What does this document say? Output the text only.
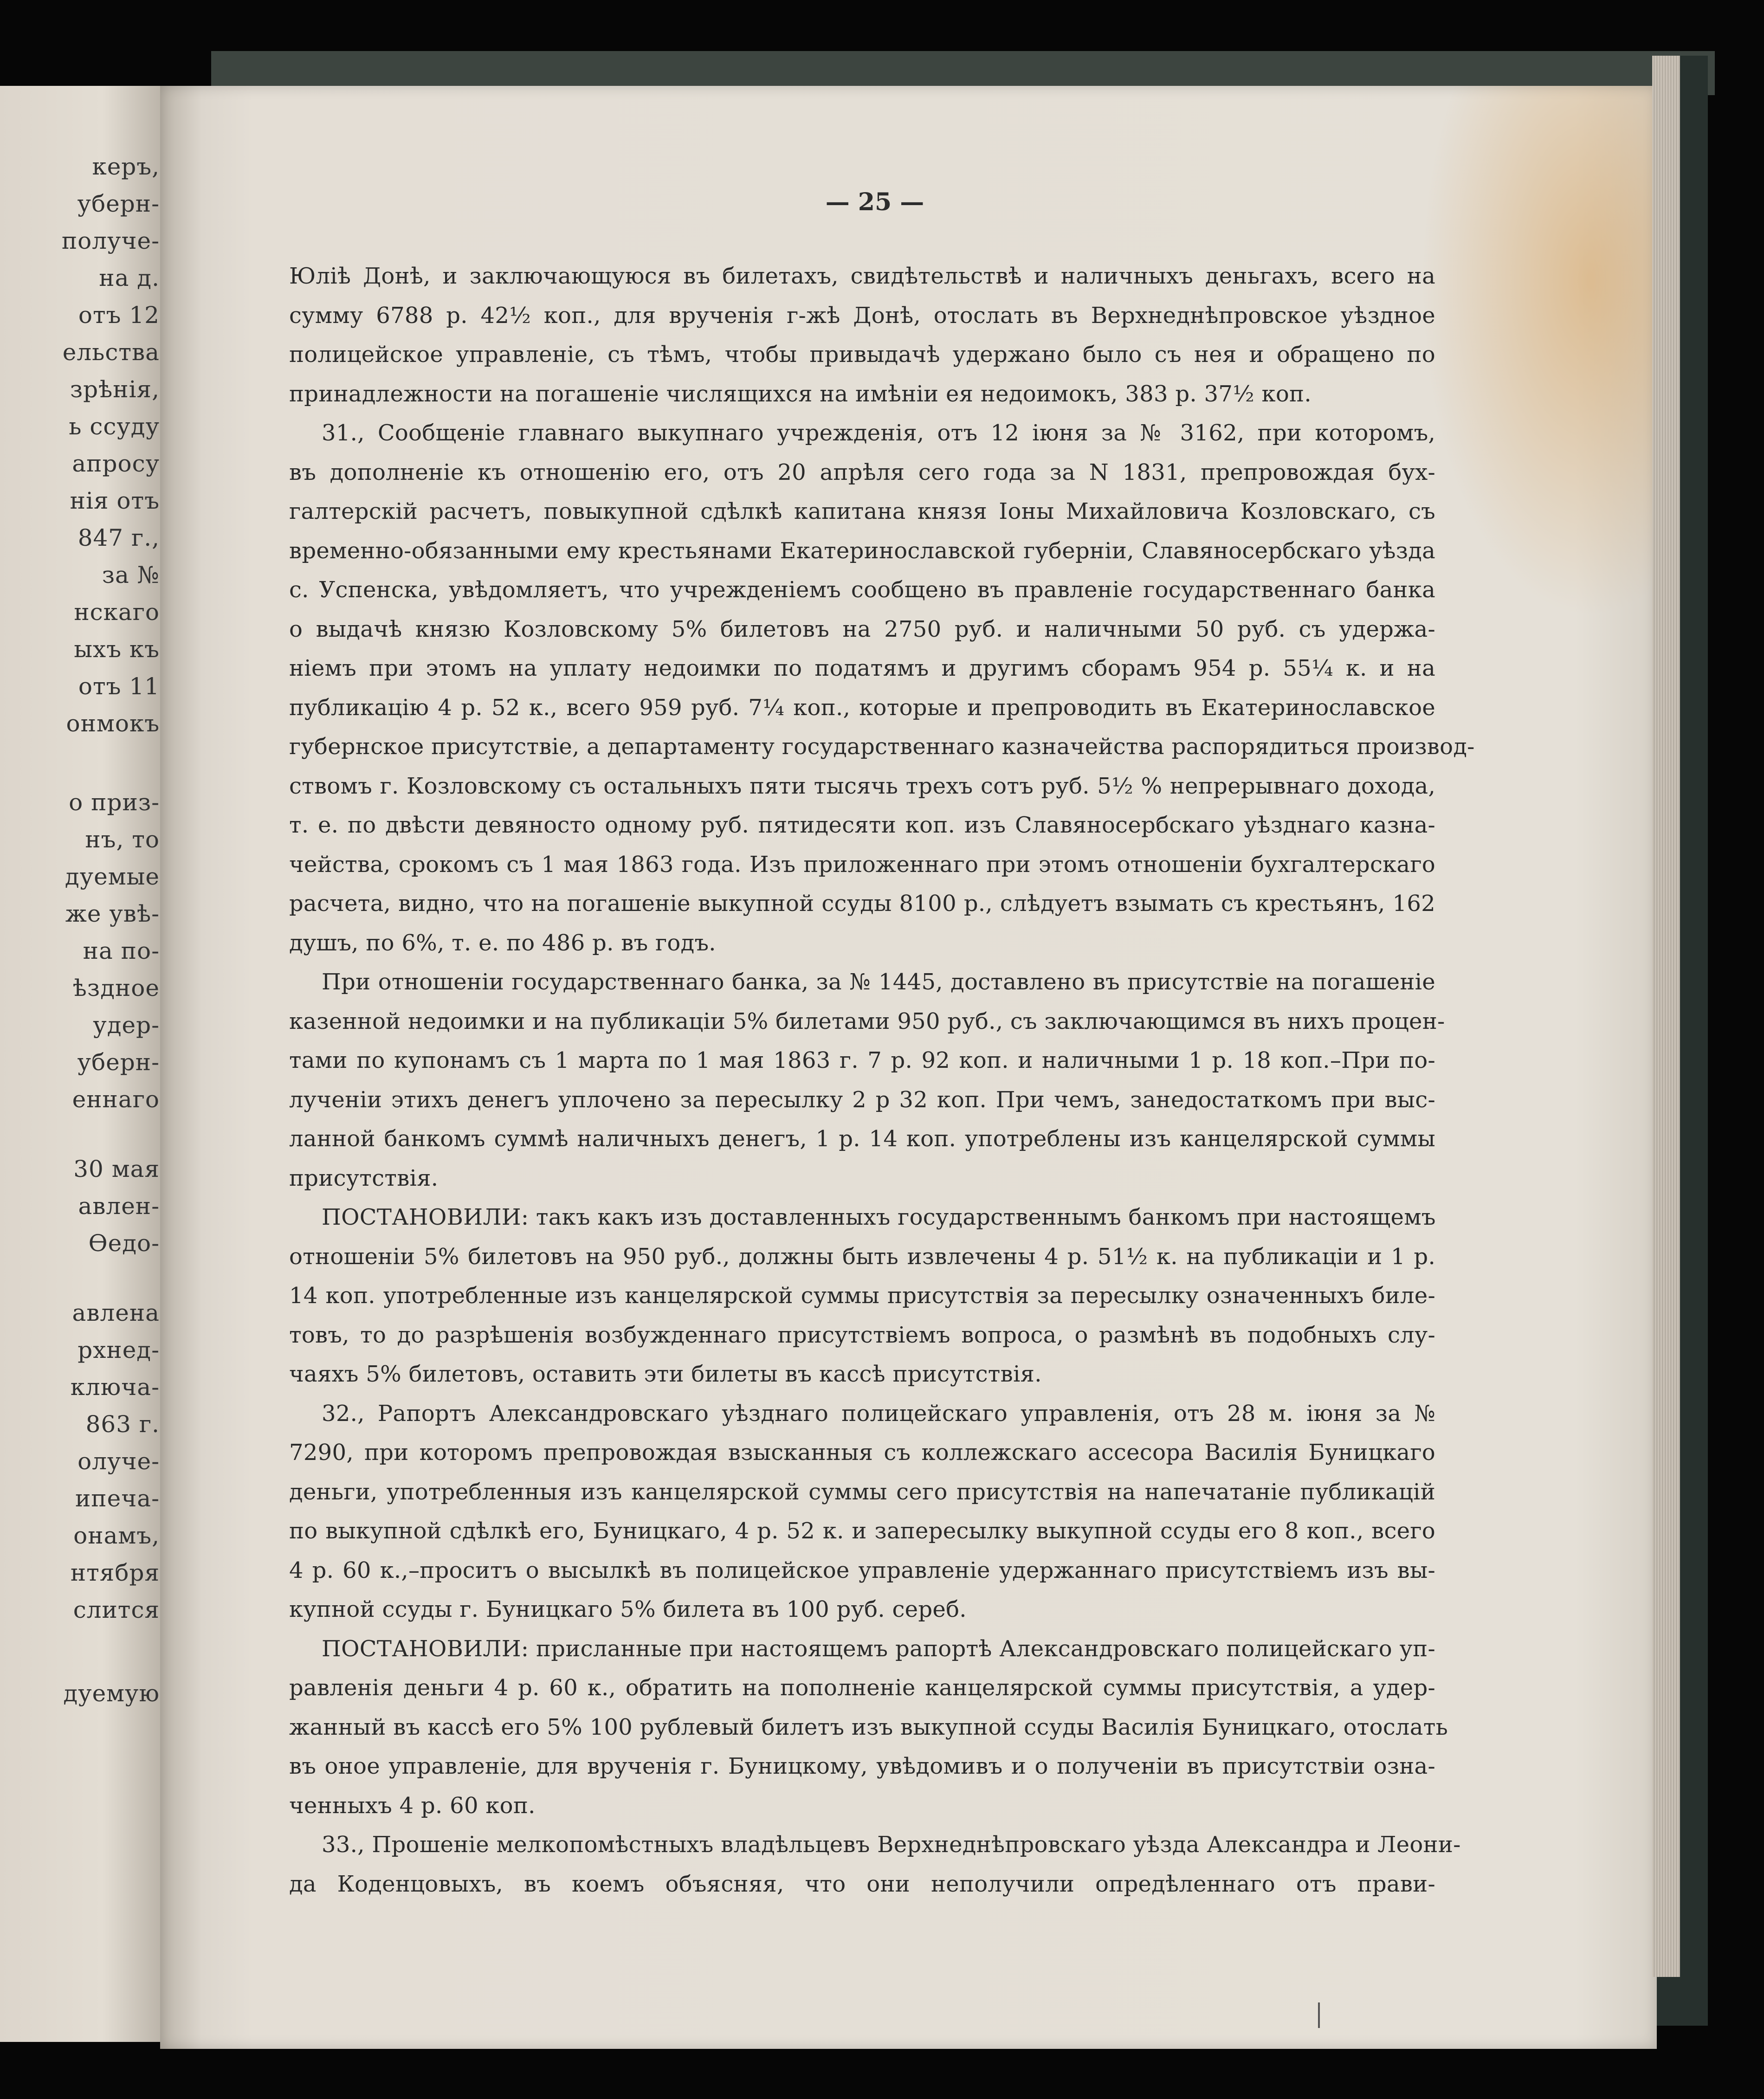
керъ,
уберн-
получе-
на д.
отъ 12
ельства
зрѣнія,
ь ссуду
апросу
нія отъ
847 г.,
за №
нскаго
ыхъ къ
отъ 11
онмокъ
о приз-
нъ, то
дуемые
же увѣ-
на по-
ѣздное
удер-
уберн-
еннаго
30 мая
авлен-
Өедо-
авлена
рхнед-
ключа-
863 г.
олуче-
ипеча-
онамъ,
нтября
слится
дуемую
— 25 —
Юлiѣ Донѣ, и заключающуюся въ билетахъ, свидѣтельствѣ и наличныхъ деньгахъ, всего на
сумму 6788 р. 42½ коп., для врученія г-жѣ Донѣ, отослать въ Верхнеднѣпровское уѣздное
полицейское управленіе, съ тѣмъ, чтобы привыдачѣ удержано было съ нея и обращено по
принадлежности на погашеніе числящихся на имѣніи ея недоимокъ, 383 р. 37½ коп.
31., Сообщеніе главнаго выкупнаго учрежденія, отъ 12 іюня за № 3162, при которомъ,
въ дополненіе къ отношенію его, отъ 20 апрѣля сего года за N 1831, препровождая бух-
галтерскій расчетъ, повыкупной сдѣлкѣ капитана князя Іоны Михайловича Козловскаго, съ
временно-обязанными ему крестьянами Екатеринославской губерніи, Славяносербскаго уѣзда
с. Успенска, увѣдомляетъ, что учрежденіемъ сообщено въ правленіе государственнаго банка
о выдачѣ князю Козловскому 5% билетовъ на 2750 руб. и наличными 50 руб. съ удержа-
ніемъ при этомъ на уплату недоимки по податямъ и другимъ сборамъ 954 р. 55¼ к. и на
публикацію 4 р. 52 к., всего 959 руб. 7¼ коп., которые и препроводить въ Екатеринославское
губернское присутствіе, а департаменту государственнаго казначейства распорядиться производ-
ствомъ г. Козловскому съ остальныхъ пяти тысячь трехъ сотъ руб. 5½ % непрерывнаго дохода,
т. е. по двѣсти девяносто одному руб. пятидесяти коп. изъ Славяносербскаго уѣзднаго казна-
чейства, срокомъ съ 1 мая 1863 года. Изъ приложеннаго при этомъ отношеніи бухгалтерскаго
расчета, видно, что на погашеніе выкупной ссуды 8100 р., слѣдуетъ взымать съ крестьянъ, 162
душъ, по 6%, т. е. по 486 р. въ годъ.
При отношеніи государственнаго банка, за № 1445, доставлено въ присутствіе на погашеніе
казенной недоимки и на публикаціи 5% билетами 950 руб., съ заключающимся въ нихъ процен-
тами по купонамъ съ 1 марта по 1 мая 1863 г. 7 р. 92 коп. и наличными 1 р. 18 коп.–При по-
лученіи этихъ денегъ уплочено за пересылку 2 р 32 коп. При чемъ, занедостаткомъ при выс-
ланной банкомъ суммѣ наличныхъ денегъ, 1 р. 14 коп. употреблены изъ канцелярской суммы
присутствія.
ПОСТАНОВИЛИ: такъ какъ изъ доставленныхъ государственнымъ банкомъ при настоящемъ
отношеніи 5% билетовъ на 950 руб., должны быть извлечены 4 р. 51½ к. на публикаціи и 1 р.
14 коп. употребленные изъ канцелярской суммы присутствія за пересылку означенныхъ биле-
товъ, то до разрѣшенія возбужденнаго присутствіемъ вопроса, о размѣнѣ въ подобныхъ слу-
чаяхъ 5% билетовъ, оставить эти билеты въ кассѣ присутствія.
32., Рапортъ Александровскаго уѣзднаго полицейскаго управленія, отъ 28 м. іюня за №
7290, при которомъ препровождая взысканныя съ коллежскаго ассесора Василія Буницкаго
деньги, употребленныя изъ канцелярской суммы сего присутствія на напечатаніе публикацій
по выкупной сдѣлкѣ его, Буницкаго, 4 р. 52 к. и запересылку выкупной ссуды его 8 коп., всего
4 р. 60 к.,–проситъ о высылкѣ въ полицейское управленіе удержаннаго присутствіемъ изъ вы-
купной ссуды г. Буницкаго 5% билета въ 100 руб. сереб.
ПОСТАНОВИЛИ: присланные при настоящемъ рапортѣ Александровскаго полицейскаго уп-
равленія деньги 4 р. 60 к., обратить на пополненіе канцелярской суммы присутствія, а удер-
жанный въ кассѣ его 5% 100 рублевый билетъ изъ выкупной ссуды Василія Буницкаго, отослать
въ оное управленіе, для врученія г. Буницкому, увѣдомивъ и о полученіи въ присутствіи озна-
ченныхъ 4 р. 60 коп.
33., Прошеніе мелкопомѣстныхъ владѣльцевъ Верхнеднѣпровскаго уѣзда Александра и Леони-
да Коденцовыхъ, въ коемъ объясняя, что они неполучили опредѣленнаго отъ прави-
